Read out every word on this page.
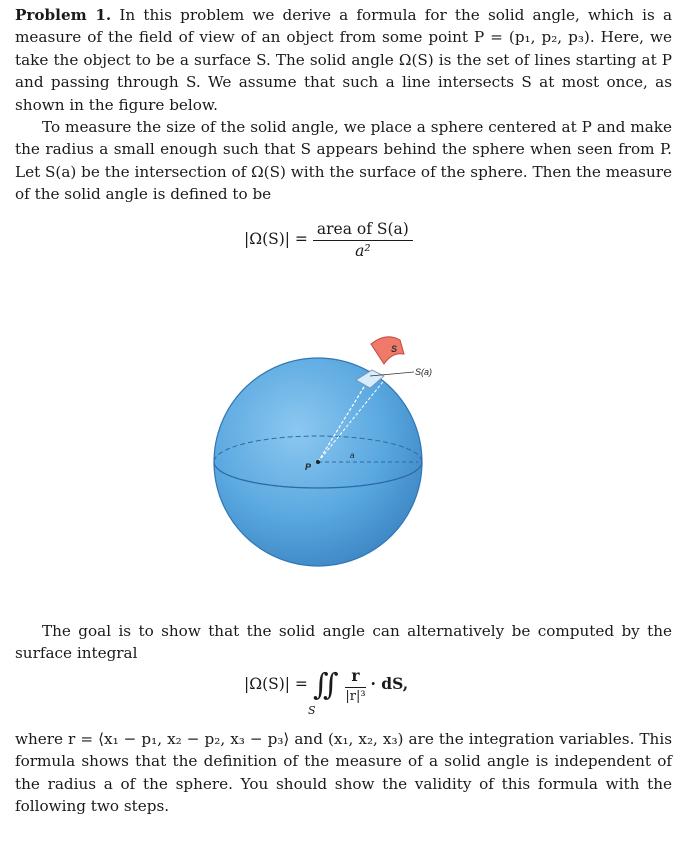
Problem 1. In this problem we derive a formula for the solid angle, which is a measure of the field of view of an object from some point P = (p₁, p₂, p₃). Here, we take the object to be a surface S. The solid angle Ω(S) is the set of lines starting at P and passing through S. We assume that such a line intersects S at most once, as shown in the figure below.

To measure the size of the solid angle, we place a sphere centered at P and make the radius a small enough such that S appears behind the sphere when seen from P. Let S(a) be the intersection of Ω(S) with the surface of the sphere. Then the measure of the solid angle is defined to be

$|\Omega(S)| = \frac{\text{area of S(a)}}{\text{a²}}$
S
S(a)
P
a

The goal is to show that the solid angle can alternatively be computed by the surface integral

|Ω(S)| = ∬ $\frac{r}{\text{|r|³}}$ · dS,
S

where r = ⟨x₁ − p₁, x₂ − p₂, x₃ − p₃⟩ and (x₁, x₂, x₃) are the integration variables. This formula shows that the definition of the measure of a solid angle is independent of the radius a of the sphere. You should show the validity of this formula with the following two steps.
